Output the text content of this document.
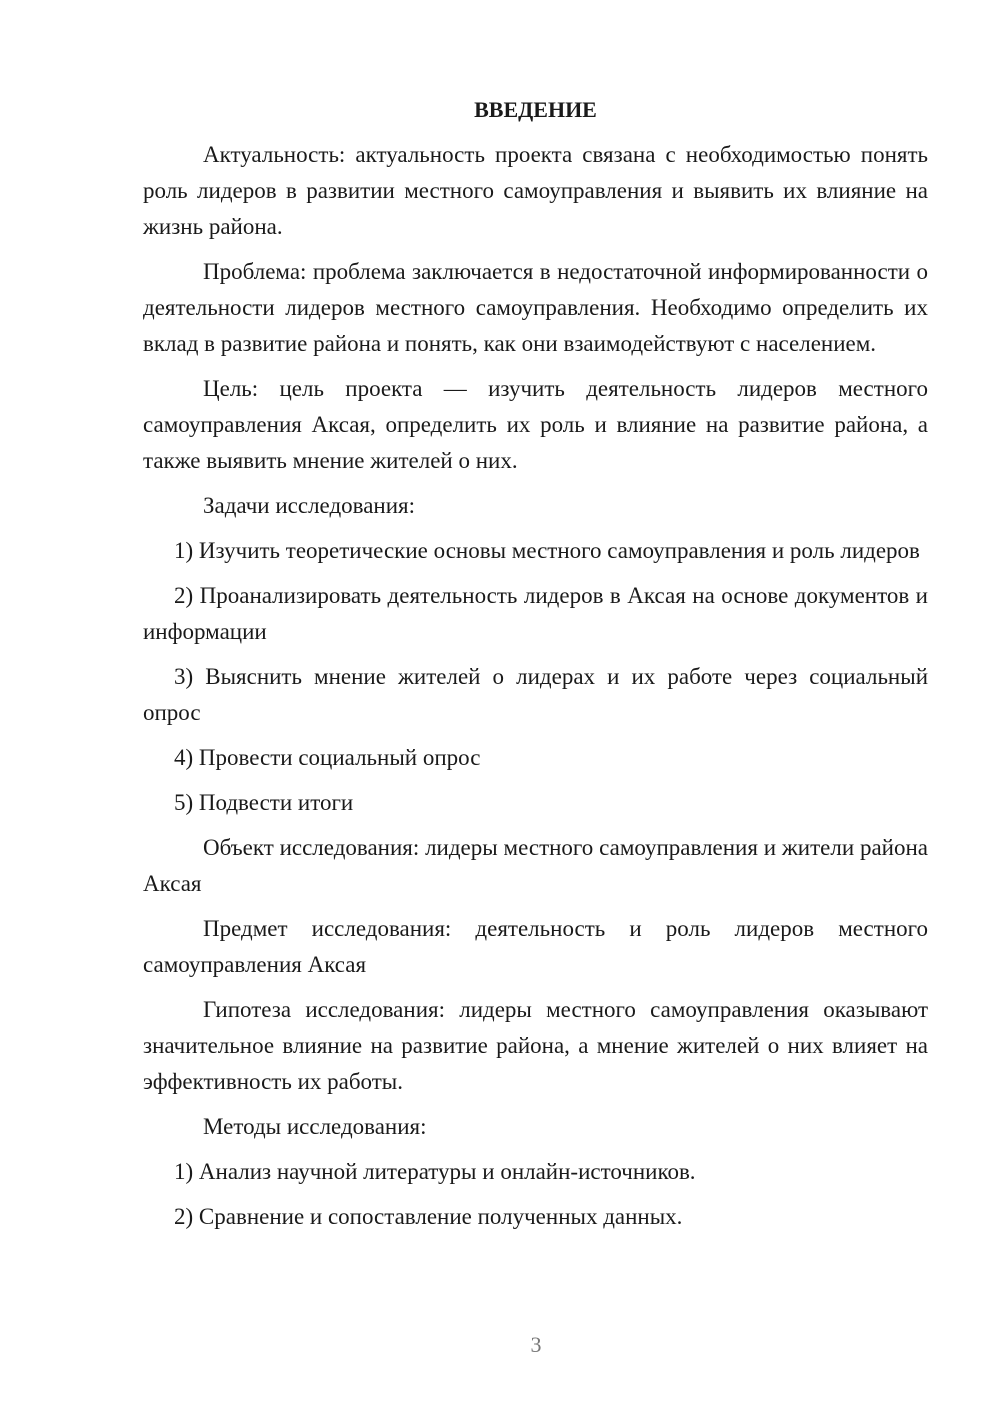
ВВЕДЕНИЕ

Актуальность: актуальность проекта связана с необходимостью понять роль лидеров в развитии местного самоуправления и выявить их влияние на жизнь района.

Проблема: проблема заключается в недостаточной информированности о деятельности лидеров местного самоуправления. Необходимо определить их вклад в развитие района и понять, как они взаимодействуют с населением.

Цель: цель проекта — изучить деятельность лидеров местного самоуправления Аксая, определить их роль и влияние на развитие района, а также выявить мнение жителей о них.

Задачи исследования:

1) Изучить теоретические основы местного самоуправления и роль лидеров

2) Проанализировать деятельность лидеров в Аксая на основе документов и информации

3) Выяснить мнение жителей о лидерах и их работе через социальный опрос

4) Провести социальный опрос

5) Подвести итоги

Объект исследования: лидеры местного самоуправления и жители района Аксая

Предмет исследования: деятельность и роль лидеров местного самоуправления Аксая

Гипотеза исследования: лидеры местного самоуправления оказывают значительное влияние на развитие района, а мнение жителей о них влияет на эффективность их работы.

Методы исследования:

1) Анализ научной литературы и онлайн-источников.

2) Сравнение и сопоставление полученных данных.

3
